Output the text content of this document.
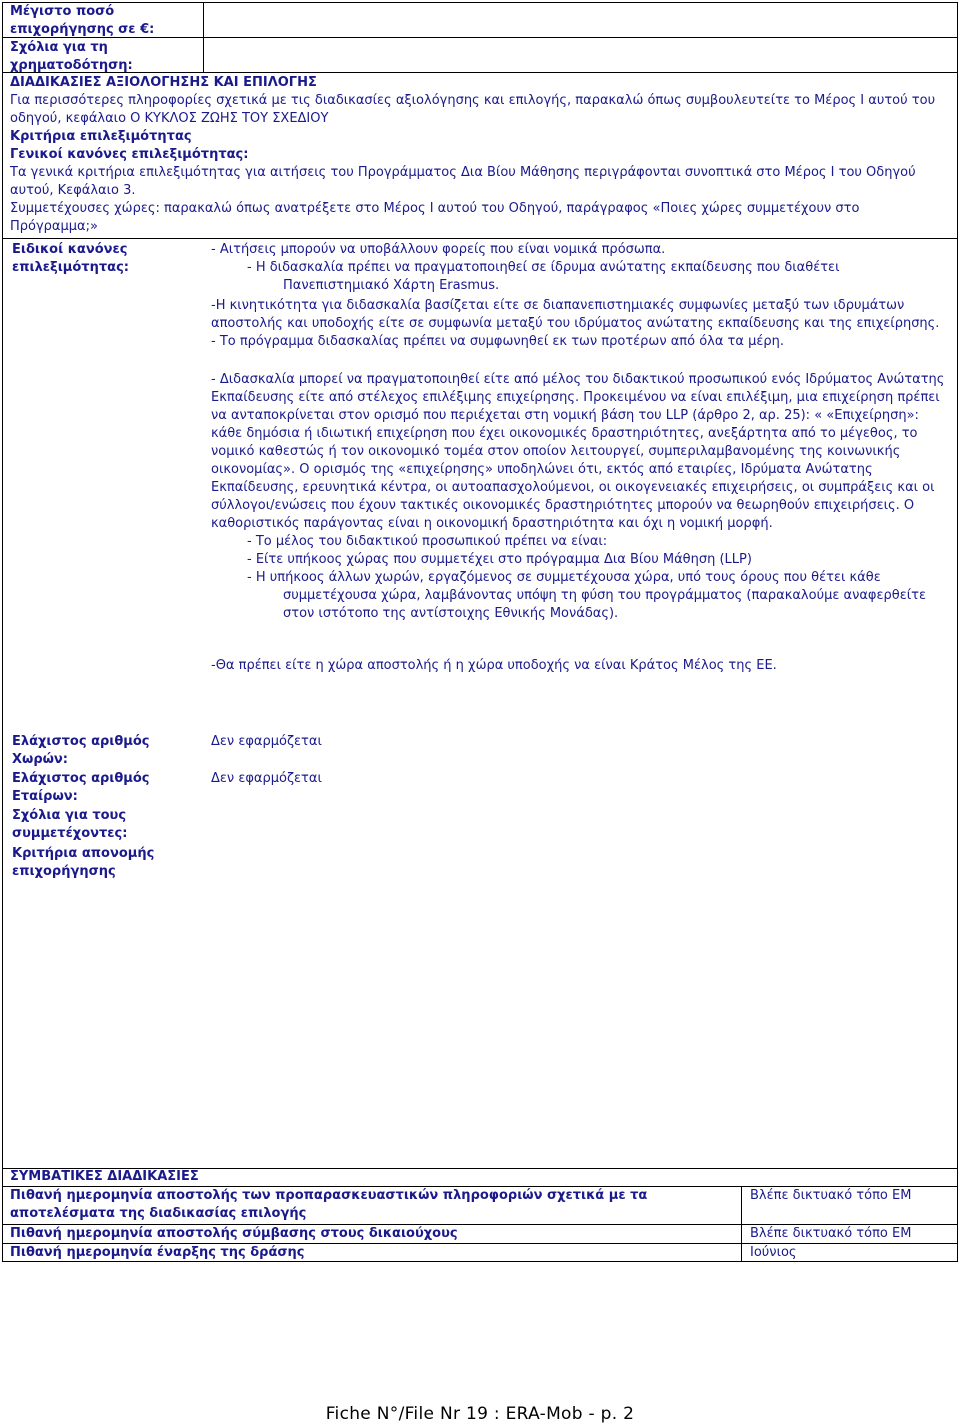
Μέγιστο ποσό επιχορήγησης σε €:
Σχόλια για τη χρηματοδότηση:

ΔΙΑΔΙΚΑΣΙΕΣ ΑΞΙΟΛΟΓΗΣΗΣ ΚΑΙ ΕΠΙΛΟΓΗΣ

Για περισσότερες πληροφορίες σχετικά με τις διαδικασίες αξιολόγησης και επιλογής, παρακαλώ όπως συμβουλευτείτε το Μέρος I αυτού του οδηγού, κεφάλαιο Ο ΚΥΚΛΟΣ ΖΩΗΣ ΤΟΥ ΣΧΕΔΙΟΥ

Κριτήρια επιλεξιμότητας

Γενικοί κανόνες επιλεξιμότητας:

Τα γενικά κριτήρια επιλεξιμότητας για αιτήσεις του Προγράμματος Δια Βίου Μάθησης περιγράφονται συνοπτικά στο Μέρος I του Οδηγού αυτού, Κεφάλαιο 3.

Συμμετέχουσες χώρες: παρακαλώ όπως ανατρέξετε στο Μέρος I αυτού του Οδηγού, παράγραφος «Ποιες χώρες συμμετέχουν στο Πρόγραμμα;»

Ειδικοί κανόνες επιλεξιμότητας:

- Αιτήσεις μπορούν να υποβάλλουν φορείς που είναι νομικά πρόσωπα.

- Η διδασκαλία πρέπει να πραγματοποιηθεί σε ίδρυμα ανώτατης εκπαίδευσης που διαθέτει Πανεπιστημιακό Χάρτη Erasmus.

-Η κινητικότητα για διδασκαλία βασίζεται είτε σε διαπανεπιστημιακές συμφωνίες μεταξύ των ιδρυμάτων αποστολής και υποδοχής είτε σε συμφωνία μεταξύ του ιδρύματος ανώτατης εκπαίδευσης και της επιχείρησης.

- Το πρόγραμμα διδασκαλίας πρέπει να συμφωνηθεί εκ των προτέρων από όλα τα μέρη.

- Διδασκαλία μπορεί να πραγματοποιηθεί είτε από μέλος του διδακτικού προσωπικού ενός Ιδρύματος Ανώτατης Εκπαίδευσης είτε από στέλεχος επιλέξιμης επιχείρησης. Προκειμένου να είναι επιλέξιμη, μια επιχείρηση πρέπει να ανταποκρίνεται στον ορισμό που περιέχεται στη νομική βάση του LLP (άρθρο 2, αρ. 25): « «Επιχείρηση»: κάθε δημόσια ή ιδιωτική επιχείρηση που έχει οικονομικές δραστηριότητες, ανεξάρτητα από το μέγεθος, το νομικό καθεστώς ή τον οικονομικό τομέα στον οποίον λειτουργεί, συμπεριλαμβανομένης της κοινωνικής οικονομίας». Ο ορισμός της «επιχείρησης» υποδηλώνει ότι, εκτός από εταιρίες, Ιδρύματα Ανώτατης Εκπαίδευσης, ερευνητικά κέντρα, οι αυτοαπασχολούμενοι, οι οικογενειακές επιχειρήσεις, οι συμπράξεις και οι σύλλογοι/ενώσεις που έχουν τακτικές οικονομικές δραστηριότητες μπορούν να θεωρηθούν επιχειρήσεις. Ο καθοριστικός παράγοντας είναι η οικονομική δραστηριότητα και όχι η νομική μορφή.

- Το μέλος του διδακτικού προσωπικού πρέπει να είναι:

- Είτε υπήκοος χώρας που συμμετέχει στο πρόγραμμα Δια Βίου Μάθηση (LLP)

- Η υπήκοος άλλων χωρών, εργαζόμενος σε συμμετέχουσα χώρα, υπό τους όρους που θέτει κάθε συμμετέχουσα χώρα, λαμβάνοντας υπόψη τη φύση του προγράμματος (παρακαλούμε αναφερθείτε στον ιστότοπο της αντίστοιχης Εθνικής Μονάδας).

-Θα πρέπει είτε η χώρα αποστολής ή η χώρα υποδοχής να είναι Κράτος Μέλος της ΕΕ.

Ελάχιστος αριθμός Χωρών:
Δεν εφαρμόζεται
Ελάχιστος αριθμός Εταίρων:
Δεν εφαρμόζεται
Σχόλια για τους συμμετέχοντες:
Κριτήρια απονομής επιχορήγησης
ΣΥΜΒΑΤΙΚΕΣ ΔΙΑΔΙΚΑΣΙΕΣ
Πιθανή ημερομηνία αποστολής των προπαρασκευαστικών πληροφοριών σχετικά με τα αποτελέσματα της διαδικασίας επιλογής
Βλέπε δικτυακό τόπο ΕΜ
Πιθανή ημερομηνία αποστολής σύμβασης στους δικαιούχους	Βλέπε δικτυακό τόπο ΕΜ
Πιθανή ημερομηνία έναρξης της δράσης	Ιούνιος
Fiche N°/File Nr 19 : ERA-Mob - p. 2
